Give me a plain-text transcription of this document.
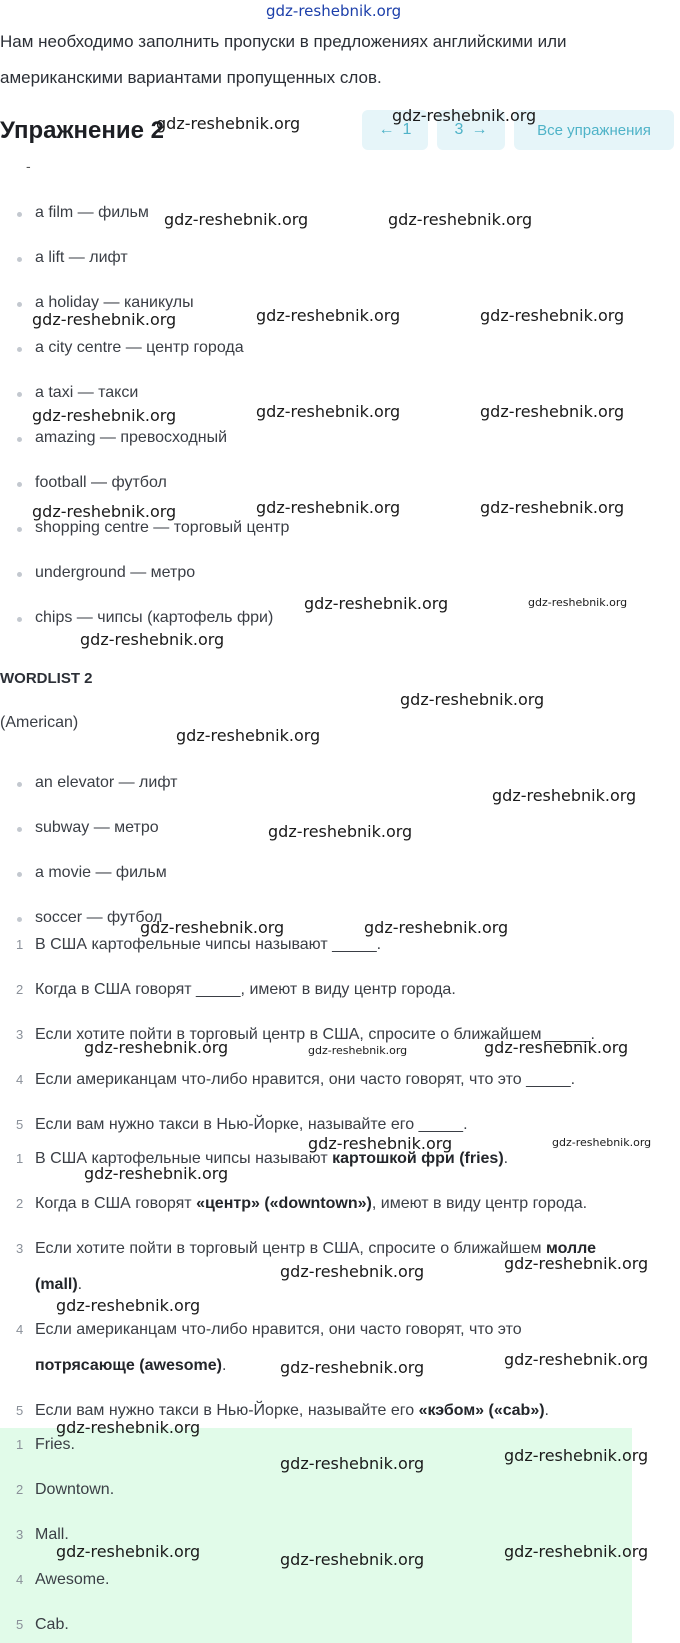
gdz-reshebnik.org
Нам необходимо заполнить пропуски в предложениях английскими или
американскими вариантами пропущенных слов.
Упражнение 2	← 1	3 →	Все упражнения
-
a film — фильм
a lift — лифт
a holiday — каникулы
a city centre — центр города
a taxi — такси
amazing — превосходный
football — футбол
shopping centre — торговый центр
underground — метро
chips — чипсы (картофель фри)
WORDLIST 2
(American)
an elevator — лифт
subway — метро
a movie — фильм
soccer — футбол
1 В США картофельные чипсы называют _____.
2 Когда в США говорят _____, имеют в виду центр города.
3 Если хотите пойти в торговый центр в США, спросите о ближайшем _____.
4 Если американцам что-либо нравится, они часто говорят, что это _____.
5 Если вам нужно такси в Нью-Йорке, называйте его _____.
1 В США картофельные чипсы называют картошкой фри (fries).
2 Когда в США говорят «центр» («downtown»), имеют в виду центр города.
3 Если хотите пойти в торговый центр в США, спросите о ближайшем молле
(mall).
4 Если американцам что-либо нравится, они часто говорят, что это
потрясающе (awesome).
5 Если вам нужно такси в Нью-Йорке, называйте его «кэбом» («cab»).
1 Fries.
2 Downtown.
3 Mall.
4 Awesome.
5 Cab.
gdz-reshebnik.org
gdz-reshebnik.org
gdz-reshebnik.org	gdz-reshebnik.org
gdz-reshebnik.org	gdz-reshebnik.org	gdz-reshebnik.org
gdz-reshebnik.org	gdz-reshebnik.org	gdz-reshebnik.org
gdz-reshebnik.org	gdz-reshebnik.org	gdz-reshebnik.org
gdz-reshebnik.org	gdz-reshebnik.org
gdz-reshebnik.org
gdz-reshebnik.org
gdz-reshebnik.org
gdz-reshebnik.org
gdz-reshebnik.org
gdz-reshebnik.org	gdz-reshebnik.org
gdz-reshebnik.org	gdz-reshebnik.org	gdz-reshebnik.org
gdz-reshebnik.org	gdz-reshebnik.org
gdz-reshebnik.org
gdz-reshebnik.org
gdz-reshebnik.org
gdz-reshebnik.org
gdz-reshebnik.org
gdz-reshebnik.org
gdz-reshebnik.org
gdz-reshebnik.org
gdz-reshebnik.org
gdz-reshebnik.org	gdz-reshebnik.org
gdz-reshebnik.org
